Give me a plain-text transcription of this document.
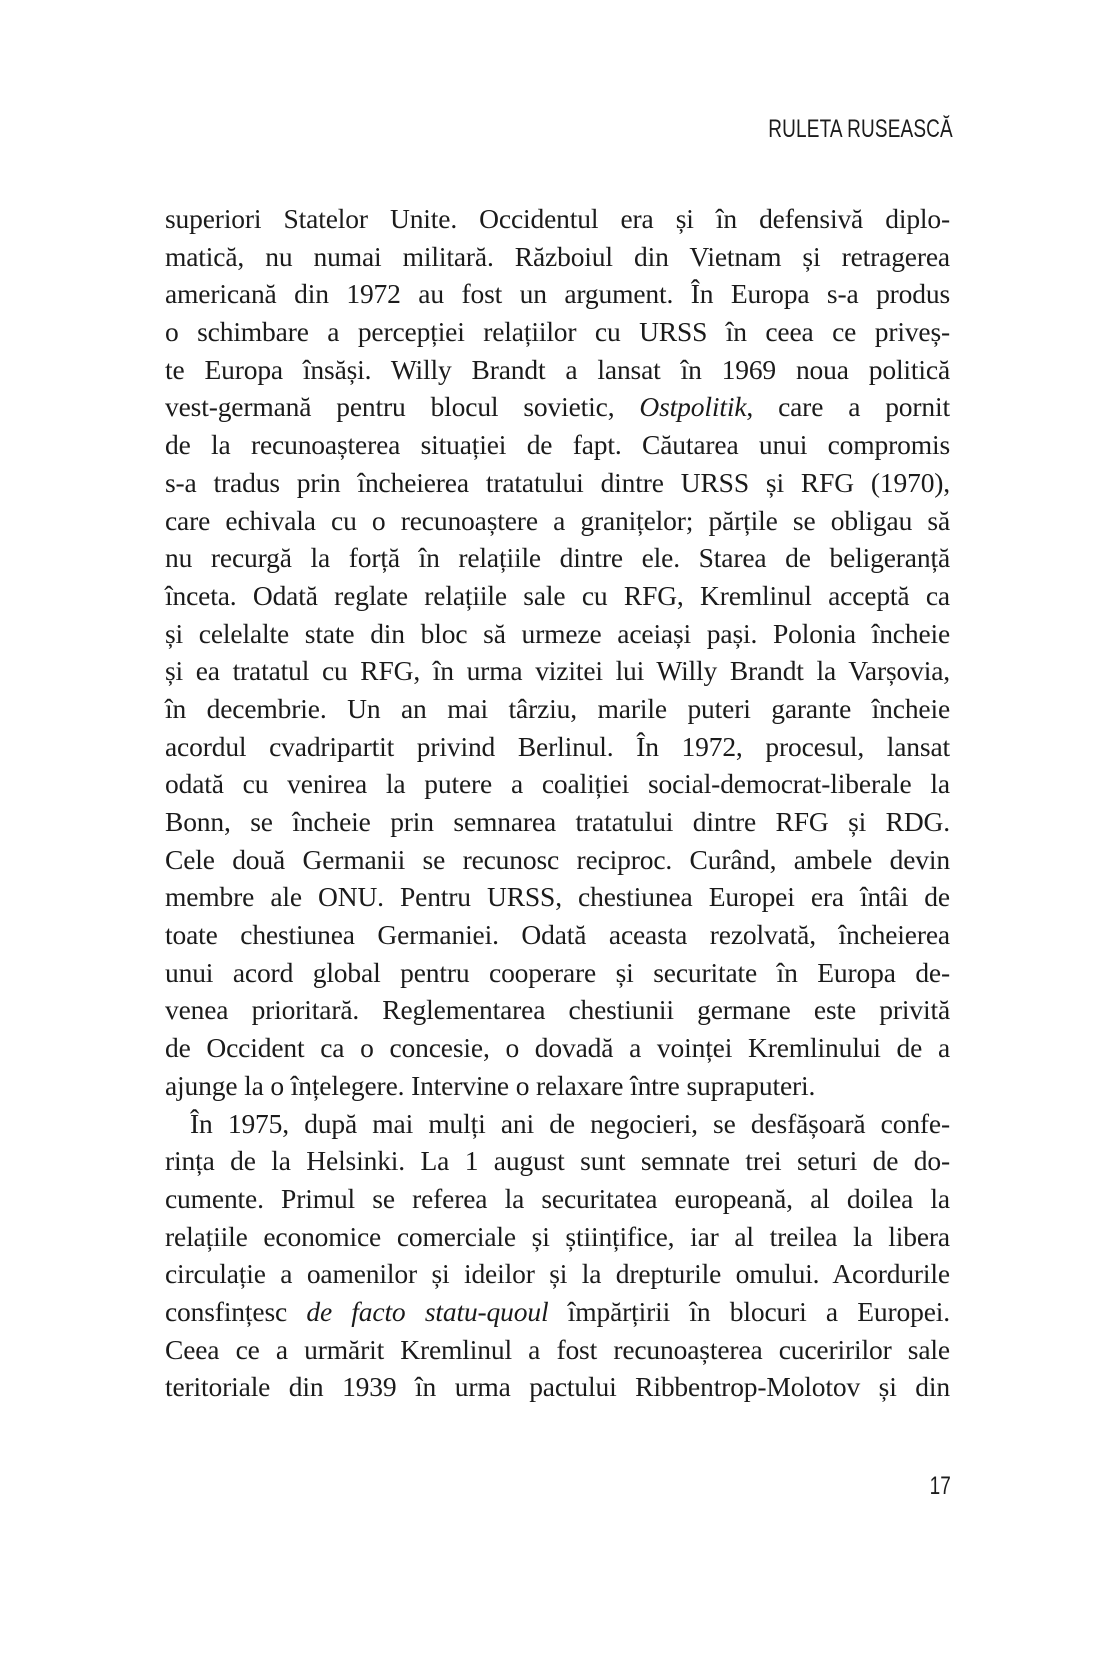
RULETA RUSEASCĂ
superiori Statelor Unite. Occidentul era și în defensivă diplo-
matică, nu numai militară. Războiul din Vietnam și retragerea
americană din 1972 au fost un argument. În Europa s-a produs
o schimbare a percepției relațiilor cu URSS în ceea ce priveș-
te Europa însăși. Willy Brandt a lansat în 1969 noua politică
vest-germană pentru blocul sovietic, Ostpolitik, care a pornit
de la recunoașterea situației de fapt. Căutarea unui compromis
s-a tradus prin încheierea tratatului dintre URSS și RFG (1970),
care echivala cu o recunoaștere a granițelor; părțile se obligau să
nu recurgă la forță în relațiile dintre ele. Starea de beligeranță
înceta. Odată reglate relațiile sale cu RFG, Kremlinul acceptă ca
și celelalte state din bloc să urmeze aceiași pași. Polonia încheie
și ea tratatul cu RFG, în urma vizitei lui Willy Brandt la Varșovia,
în decembrie. Un an mai târziu, marile puteri garante încheie
acordul cvadripartit privind Berlinul. În 1972, procesul, lansat
odată cu venirea la putere a coaliției social-democrat-liberale la
Bonn, se încheie prin semnarea tratatului dintre RFG și RDG.
Cele două Germanii se recunosc reciproc. Curând, ambele devin
membre ale ONU. Pentru URSS, chestiunea Europei era întâi de
toate chestiunea Germaniei. Odată aceasta rezolvată, încheierea
unui acord global pentru cooperare și securitate în Europa de-
venea prioritară. Reglementarea chestiunii germane este privită
de Occident ca o concesie, o dovadă a voinței Kremlinului de a
ajunge la o înțelegere. Intervine o relaxare între supraputeri.
În 1975, după mai mulți ani de negocieri, se desfășoară confe-
rința de la Helsinki. La 1 august sunt semnate trei seturi de do-
cumente. Primul se referea la securitatea europeană, al doilea la
relațiile economice comerciale și științifice, iar al treilea la libera
circulație a oamenilor și ideilor și la drepturile omului. Acordurile
consfințesc de facto statu-quoul împărțirii în blocuri a Europei.
Ceea ce a urmărit Kremlinul a fost recunoașterea cuceririlor sale
teritoriale din 1939 în urma pactului Ribbentrop-Molotov și din
17
